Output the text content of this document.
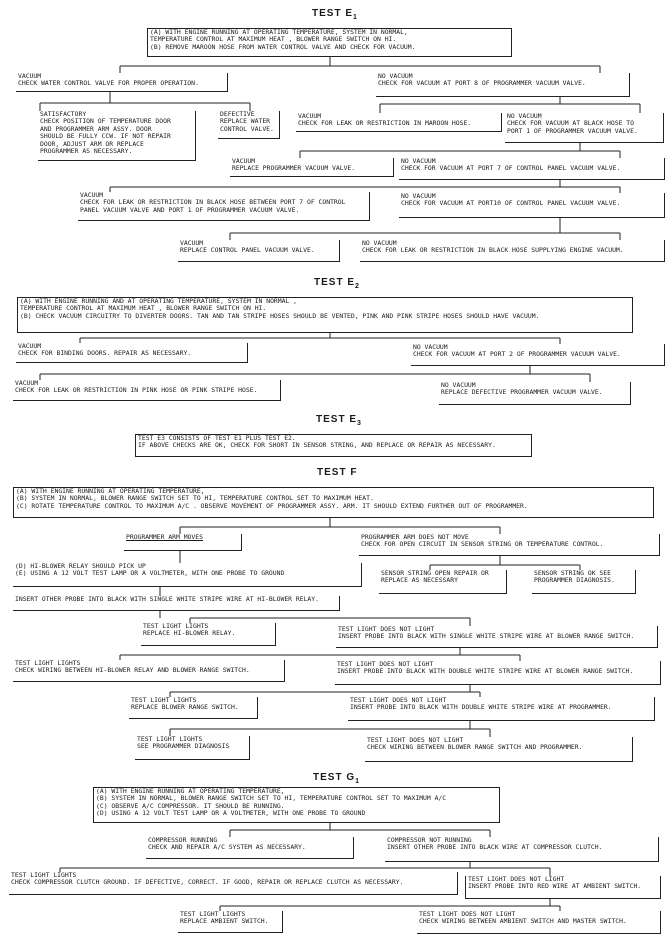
TEST $E_1$
(A) WITH ENGINE RUNNING AT OPERATING TEMPERATURE, SYSTEM IN NORMAL,
TEMPERATURE CONTROL AT MAXIMUM HEAT , BLOWER RANGE SWITCH ON HI.
(B) REMOVE MAROON HOSE FROM WATER CONTROL VALVE AND CHECK FOR VACUUM.
VACUUM
CHECK WATER CONTROL VALVE FOR PROPER OPERATION.
NO VACUUM
CHECK FOR VACUUM AT PORT 8 OF PROGRAMMER VACUUM VALVE.
SATISFACTORY
CHECK POSITION OF TEMPERATURE DOOR
AND PROGRAMMER ARM ASSY. DOOR
SHOULD BE FULLY CCW. IF NOT REPAIR
DOOR, ADJUST ARM OR REPLACE
PROGRAMMER AS NECESSARY.
DEFECTIVE
REPLACE WATER
CONTROL VALVE.
VACUUM
CHECK FOR LEAK OR RESTRICTION IN MAROON HOSE.
NO VACUUM
CHECK FOR VACUUM AT BLACK HOSE TO
PORT 1 OF PROGRAMMER VACUUM VALVE.
VACUUM
REPLACE PROGRAMMER VACUUM VALVE.
NO VACUUM
CHECK FOR VACUUM AT PORT 7 OF CONTROL PANEL VACUUM VALVE.
VACUUM
CHECK FOR LEAK OR RESTRICTION IN BLACK HOSE BETWEEN PORT 7 OF CONTROL
PANEL VACUUM VALVE AND PORT 1 OF PROGRAMMER VACUUM VALVE.
NO VACUUM
CHECK FOR VACUUM AT PORT10 OF CONTROL PANEL VACUUM VALVE.
VACUUM
REPLACE CONTROL PANEL VACUUM VALVE.
NO VACUUM
CHECK FOR LEAK OR RESTRICTION IN BLACK HOSE SUPPLYING ENGINE VACUUM.
TEST $E_2$
(A) WITH ENGINE RUNNING AND AT OPERATING TEMPERATURE, SYSTEM IN NORMAL ,
TEMPERATURE CONTROL AT MAXIMUM HEAT , BLOWER RANGE SWITCH ON HI.
(B) CHECK VACUUM CIRCUITRY TO DIVERTER DOORS. TAN AND TAN STRIPE HOSES SHOULD BE VENTED, PINK AND PINK STRIPE HOSES SHOULD HAVE VACUUM.
VACUUM
CHECK FOR BINDING DOORS. REPAIR AS NECESSARY.
NO VACUUM
CHECK FOR VACUUM AT PORT 2 OF PROGRAMMER VACUUM VALVE.
VACUUM
CHECK FOR LEAK OR RESTRICTION IN PINK HOSE OR PINK STRIPE HOSE.
NO VACUUM
REPLACE DEFECTIVE PROGRAMMER VACUUM VALVE.
TEST $E_3$
TEST E3 CONSISTS OF TEST E1 PLUS TEST E2.
IF ABOVE CHECKS ARE OK, CHECK FOR SHORT IN SENSOR STRING, AND REPLACE OR REPAIR AS NECESSARY.
TEST F
(A) WITH ENGINE RUNNING AT OPERATING TEMPERATURE,
(B) SYSTEM IN NORMAL, BLOWER RANGE SWITCH SET TO HI, TEMPERATURE CONTROL SET TO MAXIMUM HEAT.
(C) ROTATE TEMPERATURE CONTROL TO MAXIMUM A/C . OBSERVE MOVEMENT OF PROGRAMMER ASSY. ARM. IT SHOULD EXTEND FURTHER OUT OF PROGRAMMER.
PROGRAMMER ARM MOVES	PROGRAMMER ARM DOES NOT MOVE
CHECK FOR OPEN CIRCUIT IN SENSOR STRING OR TEMPERATURE CONTROL.
(D) HI-BLOWER RELAY SHOULD PICK UP
(E) USING A 12 VOLT TEST LAMP OR A VOLTMETER, WITH ONE PROBE TO GROUND	SENSOR STRING OPEN REPAIR OR
REPLACE AS NECESSARY
SENSOR STRING OK SEE
PROGRAMMER DIAGNOSIS.
INSERT OTHER PROBE INTO BLACK WITH SINGLE WHITE STRIPE WIRE AT HI-BLOWER RELAY.
TEST LIGHT LIGHTS
REPLACE HI-BLOWER RELAY.
TEST LIGHT DOES NOT LIGHT
INSERT PROBE INTO BLACK WITH SINGLE WHITE STRIPE WIRE AT BLOWER RANGE SWITCH.
TEST LIGHT LIGHTS
CHECK WIRING BETWEEN HI-BLOWER RELAY AND BLOWER RANGE SWITCH.
TEST LIGHT DOES NOT LIGHT
INSERT PROBE INTO BLACK WITH DOUBLE WHITE STRIPE WIRE AT BLOWER RANGE SWITCH.
TEST LIGHT LIGHTS
REPLACE BLOWER RANGE SWITCH.
TEST LIGHT DOES NOT LIGHT
INSERT PROBE INTO BLACK WITH DOUBLE WHITE STRIPE WIRE AT PROGRAMMER.
TEST LIGHT LIGHTS
SEE PROGRAMMER DIAGNOSIS
TEST LIGHT DOES NOT LIGHT
CHECK WIRING BETWEEN BLOWER RANGE SWITCH AND PROGRAMMER.
TEST $G_1$
(A) WITH ENGINE RUNNING AT OPERATING TEMPERATURE,
(B) SYSTEM IN NORMAL, BLOWER RANGE SWITCH SET TO HI, TEMPERATURE CONTROL SET TO MAXIMUM A/C
(C) OBSERVE A/C COMPRESSOR. IT SHOULD BE RUNNING.
(D) USING A 12 VOLT TEST LAMP OR A VOLTMETER, WITH ONE PROBE TO GROUND
COMPRESSOR RUNNING
CHECK AND REPAIR A/C SYSTEM AS NECESSARY.
COMPRESSOR NOT RUNNING
INSERT OTHER PROBE INTO BLACK WIRE AT COMPRESSOR CLUTCH.
TEST LIGHT LIGHTS
CHECK COMPRESSOR CLUTCH GROUND. IF DEFECTIVE, CORRECT. IF GOOD, REPAIR OR REPLACE CLUTCH AS NECESSARY.	TEST LIGHT DOES NOT LIGHT
INSERT PROBE INTO RED WIRE AT AMBIENT SWITCH.
TEST LIGHT LIGHTS
REPLACE AMBIENT SWITCH.
TEST LIGHT DOES NOT LIGHT
CHECK WIRING BETWEEN AMBIENT SWITCH AND MASTER SWITCH.
